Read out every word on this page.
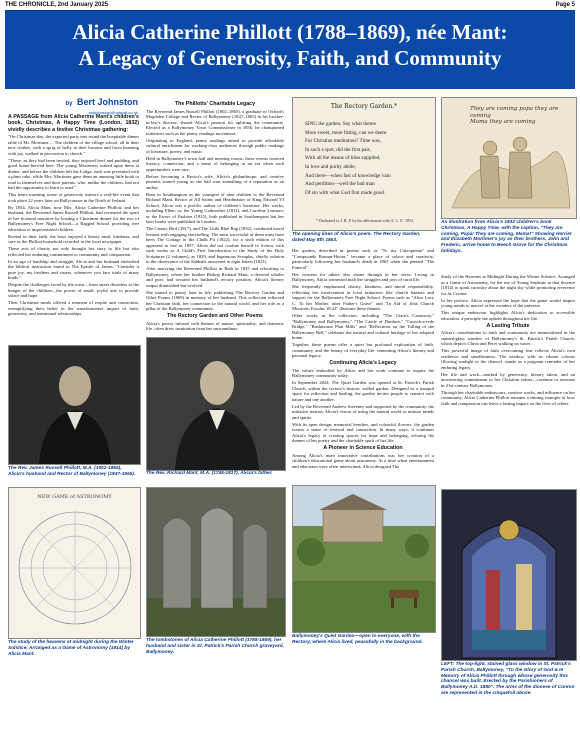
THE CHRONICLE, 2nd January 2025	Page 5
Alicia Catherine Phillott (1788–1869), née Mant:
A Legacy of Generosity, Faith, and Community
by Bert Johnston
bobjohnston@hotmail.co.uk

A PASSAGE from Alicia Catherine Mant's children's book, Christmas, A Happy Time (London, 1832) vividly describes a festive Christmas gathering:

"On Christmas-day, the expected party met round the hospitable dinner table of Mr. Mortimer… The children of the village school, all in their new clothes, with a sprig of holly in their bosoms and faces beaming with joy, walked in procession to church."

"These, as they had been invited, they enjoyed beef and pudding, and good home-brewed beer. The young Mortimers waited upon them at dinner, and before the children left the Lodge, each was presented with a plum cake, while Mrs. Mortimer gave them an amusing little book to read to themselves and their parents, who, unlike the children, had not had the opportunity to learn to read."

This heart-warming scene of generosity mirrors a real-life event that took place 22 years later on Ballyconnor in the North of Ireland.

By 1854, Alicia Mant, now Mrs. Alicia Catherine Phillott, and her husband, the Reverend James Russell Phillott, had recreated the spirit of her fictional narrative by hosting a Christmas dinner for the two of Ballymoney's Free Night School—a Ragged School providing free education to impoverished children.

Rooted in their faith, the boys enjoyed a hearty meal, kindness, and care as the Phillott household recorded in the local newspaper.

These acts of charity not only brought her story to life but also reflected her enduring commitment to community and compassion.

In an age of hardship and struggle, Alicia and her husband embodied the biblical instruction found in The Epistle of James: "Consider it pure joy, my brothers and sisters, whenever you face trials of many kinds."

Despite the challenges faced by the town—from street disorders to the hunger of the children—the power of small, joyful acts to provide solace and hope.

Their Christmas meals offered a moment of respite and connection, exemplifying their belief in the transformative impact of faith, generosity, and intentional relationships.

The Phillotts' Charitable Legacy

The Reverend James Russell Phillott (1802–1865), a graduate of Oxford's Magdalen College and Rector of Ballymoney (1847–1865) in his brother-in-law's diocese, shared Alicia's passion for uplifting the community. Elected as a Ballymoney Town Commissioner in 1856, he championed initiatives such as the penny readings movement.

Originating in England, penny readings aimed to provide affordable cultural enrichment for working-class audiences through public readings of literature, poetry, and music.

Held in Ballymoney's town hall and meeting rooms, these events fostered literacy, connection, and a sense of belonging in an era when such opportunities were rare.

Before becoming a Rector's wife, Alicia's philanthropic and creative pursuits started young as she had won something of a reputation as an author.

Born in Southampton as the youngest of nine children to the Reverend Richard Mant, Rector of All Saints and Headmaster of King Edward VI School, Alicia was a prolific author of children's literature. Her works, including Ellen; or, the Young Godmother (1812), and Caroline Lismore; or the Errors of Fashion (1815), both published in Southampton but her later books were published in London.

The Canary Bird (1817), and The Little Blue Bag (1832), combined moral lessons with engaging storytelling. The most successful of them must have been The Cottage in the Chalk Pit (1822), for a sixth edition of this appeared as late as 1857. Alicia did not confine herself to fiction, with such works as A Child's First Introduction to the Study of the Holy Scriptures (2 volumes), as 1829, and Ingenuous Scruples, chiefly relation to the observance of the Sabbath, answered in eight letters (1821).

After marrying the Reverend Phillott in Bath in 1835 and relocating to Ballymoney, where her brother Bishop Richard Mant, a devoted scholar and poet, had secured her husband's rectory position, Alicia's literary output diminished but evolved.

She turned to poetry later in life, publishing The Rectory Garden and Other Poems (1869) in memory of her husband. This collection reflected her Christian faith, her connection to the natural world, and her role as a pillar of the Ballymoney community.

The Rectory Garden and Other Poems

Alicia's poetry infused with themes of nature, spirituality, and domestic life, often drew inspiration from her surroundings.

The Rectory Garden.*
SING the garden. Say what theme
More sweet, more fitting, can we deem
For Christian meditation? Time was,
In such a spot, did the first pair,
With all the means of bliss supplied,
In love and purity abide;
And there—when fast of knowledge vain
And perdition—well the bad man
Of sin with what God first made good.
* Dedicated to J. R. P. by his affectionate wife A. C. P., 1853.
The opening lines of Alicia's poem, The Rectory Garden, dated May 8th 1853.

Her garden, described in poems such as "To my Coleopteran" and "Compounds Roman-Hooes," became a place of solace and creativity, particularly following her husband's death in 1865 when she penned "The Funeral".

Her concern for others also shone through in her verse. Living in Ballymoney, Alicia witnessed both the struggles and joys of rural life.

She frequently emphasised charity, kindness, and moral responsibility, reflecting her involvement in local initiatives like church bazaars and support for the Ballymoney Free Night School. Poems such as "Alice Lacy C. To her Mother, after Father's Grave" and "In Aid of Irish Church Missions: Exodus 18:22" illustrate these themes.

Other works in the collection, including "The Giant's Causeway," "Ballymoney and Ballymoney," "The Castle of Dunluce," "Carrick-a-rede Bridge," "Bushmouse Plan Mills" and "Reflections on the Tolling of the Ballymoney Bell," celebrate the natural and cultural heritage of her adopted home.

Together, these poems offer a quiet but profound exploration of faith, community, and the beauty of everyday life, cementing Alicia's literary and personal legacy.

Continuing Alicia's Legacy

The values embodied by Alicia and her work continue to inspire the Ballymoney community today.

In September 2024, The Quiet Garden was opened at St. Patrick's Parish Church, within the rectory's historic walled garden. Designed as a tranquil space for reflection and healing, the garden invites people to connect with nature and one another.

Led by the Reverend Andrew Sweeney and supported by the community, the initiative mirrors Alicia's vision of using the natural world to nurture minds and spirits.

With its open design, memorial benches, and colourful flowers, the garden fosters a sense of renewal and connection. In many ways, it continues Alicia's legacy of creating spaces for hope and belonging, echoing the themes of her poetry and the charitable spirit of her life.

A Pioneer in Science Education

Among Alicia's more innovative contributions was her creation of a children's educational game about astronomy. At a time when entertainment and education were often intertwined, Alicia designed The

They are coming papa they are coming
Mama they are coming
An illustration from Alicia's 1832 children's book Christmas, A Happy Time, with the caption, "They are coming, Papa! They are coming, Mama!" Showing Harriet and Elizabeth Mortimer's joy as their brothers, John and Frederic, arrive home to Beech Grove for the Christmas holidays.

Study of the Heavens at Midnight During the Winter Solstice, Arranged as a Game of Astronomy, for the use of Young Students in that Science (1814) to spark curiosity about the night sky while promoting reverence for its Creator.

In her preface, Alicia expressed the hope that the game would inspire young minds to marvel at the wonders of the universe.

This unique endeavour highlights Alicia's dedication to accessible education, a principle she upheld throughout her life.

A Lasting Tribute

Alicia's contributions to faith and community are immortalised in the stained-glass window of Ballymoney's St. Patrick's Parish Church, which depicts Christ and Peter walking on water.

This powerful image of faith overcoming fear reflects Alicia's own resilience and steadfastness. The window, with its vibrant colours (flowing sunlight in the chancel, stands as a poignant reminder of her enduring legacy.

Her life and work—marked by generosity, literary talent, and an unwavering commitment to her Christian values—continue to resonate in 21st-century Ballymoney.

Through her charitable endeavours, creative works, and influence on her community, Alicia Catherine Phillott remains a shining example of how faith and compassion can leave a lasting impact on the lives of others.

The Rev. James Russell Phillott, M.A. (1802-1865), Alicia's husband and Rector of Ballymoney (1847-1865).	The Rev. Richard Mant, M.A. (1745-1817), Alicia's father.
NEW GAME of ASTRONOMY
The study of the heavens at midnight during the Winter Solstice, Arranged as a Game of Astronomy (1814) by Alicia Mant.
The tombstones of Alicia Catherine Phillott (1788-1869), her husband and sister in St. Patrick's Parish Church graveyard, Ballymoney.
Ballymoney's Quiet Garden—open to everyone, with the Rectory, where Alicia lived, peacefully in the background.
LEFT: The top-light, stained glass window in St. Patrick's Parish Church, Ballymoney, "To the Glory of God & In Memory of Alicia Phillott through whose generosity this chancel was built. Erected by the Parishioners of Ballymoney A.D. 1880". The arms of the diocese of Connor are represented in the cinquefoil above.
